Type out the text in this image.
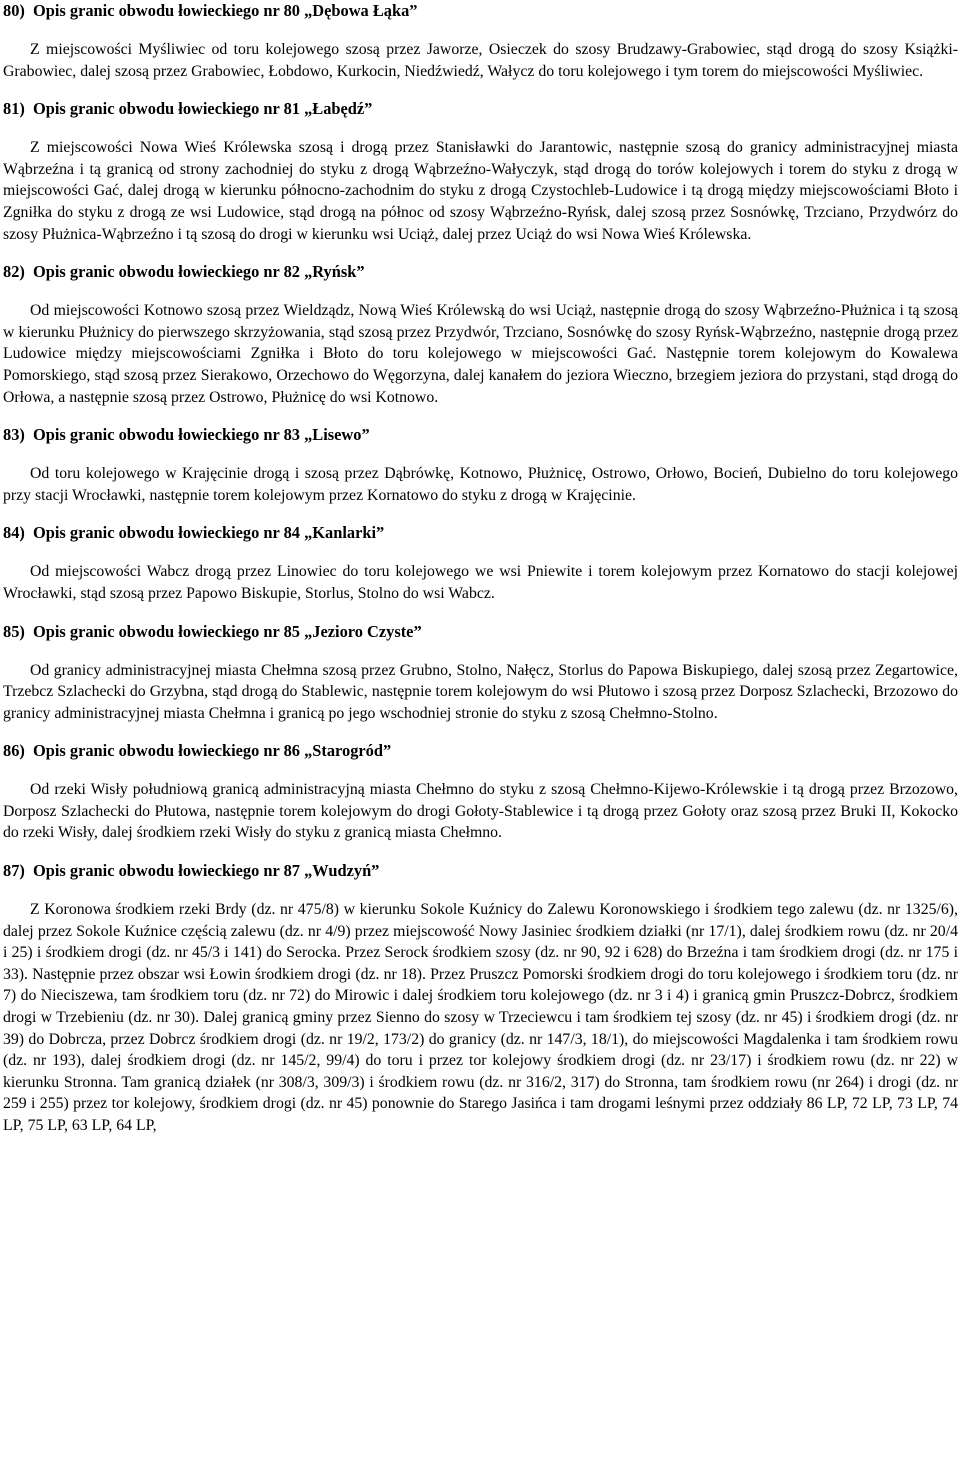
80) Opis granic obwodu łowieckiego nr 80 „Dębowa Łąka”

Z miejscowości Myśliwiec od toru kolejowego szosą przez Jaworze, Osieczek do szosy Brudzawy-Grabowiec, stąd drogą do szosy Książki-Grabowiec, dalej szosą przez Grabowiec, Łobdowo, Kurkocin, Niedźwiedź, Wałycz do toru kolejowego i tym torem do miejscowości Myśliwiec.

81) Opis granic obwodu łowieckiego nr 81 „Łabędź”

Z miejscowości Nowa Wieś Królewska szosą i drogą przez Stanisławki do Jarantowic, następnie szosą do granicy administracyjnej miasta Wąbrzeźna i tą granicą od strony zachodniej do styku z drogą Wąbrzeźno-Wałyczyk, stąd drogą do torów kolejowych i torem do styku z drogą w miejscowości Gać, dalej drogą w kierunku północno-zachodnim do styku z drogą Czystochleb-Ludowice i tą drogą między miejscowościami Błoto i Zgniłka do styku z drogą ze wsi Ludowice, stąd drogą na północ od szosy Wąbrzeźno-Ryńsk, dalej szosą przez Sosnówkę, Trzciano, Przydwórz do szosy Płużnica-Wąbrzeźno i tą szosą do drogi w kierunku wsi Uciąż, dalej przez Uciąż do wsi Nowa Wieś Królewska.

82) Opis granic obwodu łowieckiego nr 82 „Ryńsk”

Od miejscowości Kotnowo szosą przez Wieldządz, Nową Wieś Królewską do wsi Uciąż, następnie drogą do szosy Wąbrzeźno-Płużnica i tą szosą w kierunku Płużnicy do pierwszego skrzyżowania, stąd szosą przez Przydwór, Trzciano, Sosnówkę do szosy Ryńsk-Wąbrzeźno, następnie drogą przez Ludowice między miejscowościami Zgniłka i Błoto do toru kolejowego w miejscowości Gać. Następnie torem kolejowym do Kowalewa Pomorskiego, stąd szosą przez Sierakowo, Orzechowo do Węgorzyna, dalej kanałem do jeziora Wieczno, brzegiem jeziora do przystani, stąd drogą do Orłowa, a następnie szosą przez Ostrowo, Płużnicę do wsi Kotnowo.

83) Opis granic obwodu łowieckiego nr 83 „Lisewo”

Od toru kolejowego w Krajęcinie drogą i szosą przez Dąbrówkę, Kotnowo, Płużnicę, Ostrowo, Orłowo, Bocień, Dubielno do toru kolejowego przy stacji Wrocławki, następnie torem kolejowym przez Kornatowo do styku z drogą w Krajęcinie.

84) Opis granic obwodu łowieckiego nr 84 „Kanlarki”

Od miejscowości Wabcz drogą przez Linowiec do toru kolejowego we wsi Pniewite i torem kolejowym przez Kornatowo do stacji kolejowej Wrocławki, stąd szosą przez Papowo Biskupie, Storlus, Stolno do wsi Wabcz.

85) Opis granic obwodu łowieckiego nr 85 „Jezioro Czyste”

Od granicy administracyjnej miasta Chełmna szosą przez Grubno, Stolno, Nałęcz, Storlus do Papowa Biskupiego, dalej szosą przez Zegartowice, Trzebcz Szlachecki do Grzybna, stąd drogą do Stablewic, następnie torem kolejowym do wsi Płutowo i szosą przez Dorposz Szlachecki, Brzozowo do granicy administracyjnej miasta Chełmna i granicą po jego wschodniej stronie do styku z szosą Chełmno-Stolno.

86) Opis granic obwodu łowieckiego nr 86 „Starogród”

Od rzeki Wisły południową granicą administracyjną miasta Chełmno do styku z szosą Chełmno-Kijewo-Królewskie i tą drogą przez Brzozowo, Dorposz Szlachecki do Płutowa, następnie torem kolejowym do drogi Gołoty-Stablewice i tą drogą przez Gołoty oraz szosą przez Bruki II, Kokocko do rzeki Wisły, dalej środkiem rzeki Wisły do styku z granicą miasta Chełmno.

87) Opis granic obwodu łowieckiego nr 87 „Wudzyń”

Z Koronowa środkiem rzeki Brdy (dz. nr 475/8) w kierunku Sokole Kuźnicy do Zalewu Koronowskiego i środkiem tego zalewu (dz. nr 1325/6), dalej przez Sokole Kuźnice częścią zalewu (dz. nr 4/9) przez miejscowość Nowy Jasiniec środkiem działki (nr 17/1), dalej środkiem rowu (dz. nr 20/4 i 25) i środkiem drogi (dz. nr 45/3 i 141) do Serocka. Przez Serock środkiem szosy (dz. nr 90, 92 i 628) do Brzeźna i tam środkiem drogi (dz. nr 175 i 33). Następnie przez obszar wsi Łowin środkiem drogi (dz. nr 18). Przez Pruszcz Pomorski środkiem drogi do toru kolejowego i środkiem toru (dz. nr 7) do Nieciszewa, tam środkiem toru (dz. nr 72) do Mirowic i dalej środkiem toru kolejowego (dz. nr 3 i 4) i granicą gmin Pruszcz-Dobrcz, środkiem drogi w Trzebieniu (dz. nr 30). Dalej granicą gminy przez Sienno do szosy w Trzeciewcu i tam środkiem tej szosy (dz. nr 45) i środkiem drogi (dz. nr 39) do Dobrcza, przez Dobrcz środkiem drogi (dz. nr 19/2, 173/2) do granicy (dz. nr 147/3, 18/1), do miejscowości Magdalenka i tam środkiem rowu (dz. nr 193), dalej środkiem drogi (dz. nr 145/2, 99/4) do toru i przez tor kolejowy środkiem drogi (dz. nr 23/17) i środkiem rowu (dz. nr 22) w kierunku Stronna. Tam granicą działek (nr 308/3, 309/3) i środkiem rowu (dz. nr 316/2, 317) do Stronna, tam środkiem rowu (nr 264) i drogi (dz. nr 259 i 255) przez tor kolejowy, środkiem drogi (dz. nr 45) ponownie do Starego Jasińca i tam drogami leśnymi przez oddziały 86 LP, 72 LP, 73 LP, 74 LP, 75 LP, 63 LP, 64 LP,
